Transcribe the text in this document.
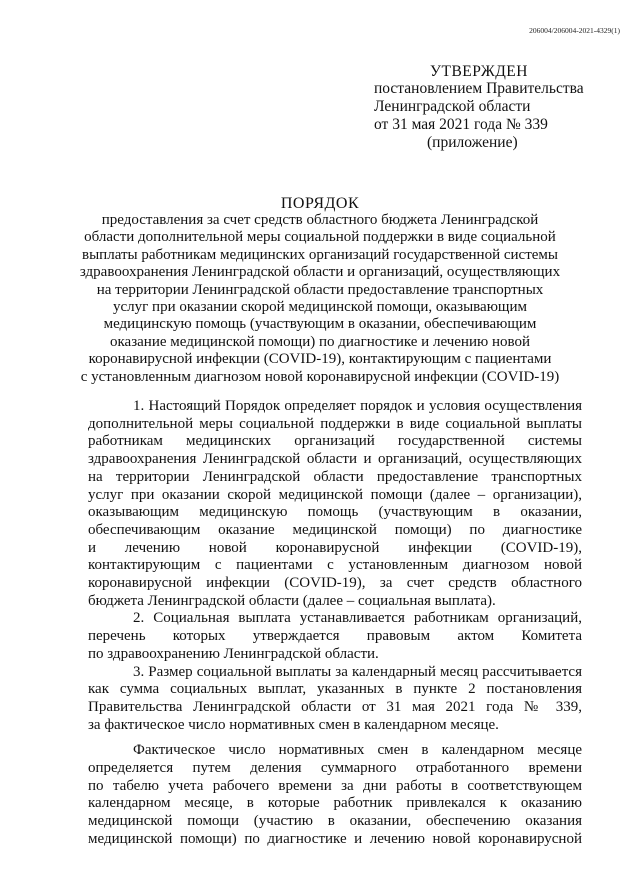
206004/206004-2021-4329(1)
УТВЕРЖДЕН
постановлением Правительства
Ленинградской области
от 31 мая 2021 года № 339
(приложение)
ПОРЯДОК
предоставления за счет средств областного бюджета Ленинградской
области дополнительной меры социальной поддержки в виде социальной
выплаты работникам медицинских организаций государственной системы
здравоохранения Ленинградской области и организаций, осуществляющих
на территории Ленинградской области предоставление транспортных
услуг при оказании скорой медицинской помощи, оказывающим
медицинскую помощь (участвующим в оказании, обеспечивающим
оказание медицинской помощи) по диагностике и лечению новой
коронавирусной инфекции (COVID-19), контактирующим с пациентами
с установленным диагнозом новой коронавирусной инфекции (COVID-19)
1. Настоящий Порядок определяет порядок и условия осуществления
дополнительной меры социальной поддержки в виде социальной выплаты
работникам медицинских организаций государственной системы
здравоохранения Ленинградской области и организаций, осуществляющих
на территории Ленинградской области предоставление транспортных
услуг при оказании скорой медицинской помощи (далее – организации),
оказывающим медицинскую помощь (участвующим в оказании,
обеспечивающим оказание медицинской помощи) по диагностике
и лечению новой коронавирусной инфекции (COVID-19),
контактирующим с пациентами с установленным диагнозом новой
коронавирусной инфекции (COVID-19), за счет средств областного
бюджета Ленинградской области (далее – социальная выплата).
2. Социальная выплата устанавливается работникам организаций,
перечень которых утверждается правовым актом Комитета
по здравоохранению Ленинградской области.
3. Размер социальной выплаты за календарный месяц рассчитывается
как сумма социальных выплат, указанных в пункте 2 постановления
Правительства Ленинградской области от 31 мая 2021 года № 339,
за фактическое число нормативных смен в календарном месяце.
Фактическое число нормативных смен в календарном месяце
определяется путем деления суммарного отработанного времени
по табелю учета рабочего времени за дни работы в соответствующем
календарном месяце, в которые работник привлекался к оказанию
медицинской помощи (участию в оказании, обеспечению оказания
медицинской помощи) по диагностике и лечению новой коронавирусной
